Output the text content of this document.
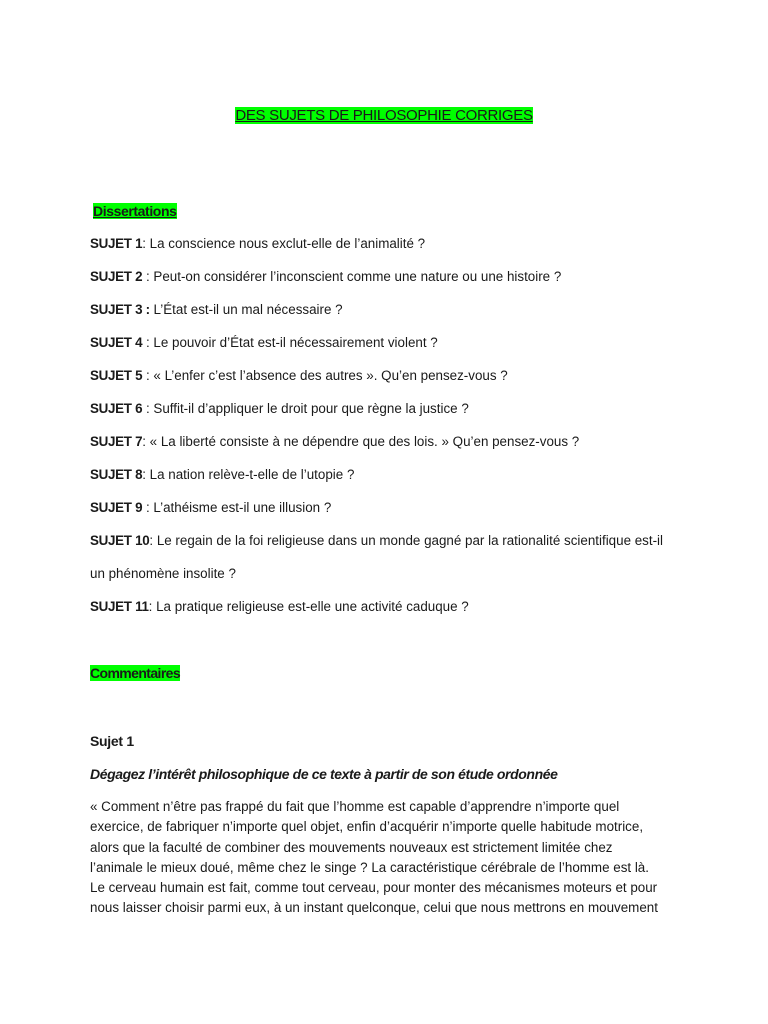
DES SUJETS DE PHILOSOPHIE CORRIGES
Dissertations
SUJET 1: La conscience nous exclut-elle de l’animalité ?
SUJET 2 : Peut-on considérer l’inconscient comme une nature ou une histoire ?
SUJET 3 : L’État est-il un mal nécessaire ?
SUJET 4 : Le pouvoir d’État est-il nécessairement violent ?
SUJET 5 : « L’enfer c’est l’absence des autres ». Qu’en pensez-vous ?
SUJET 6 : Suffit-il d’appliquer le droit pour que règne la justice ?
SUJET 7: « La liberté consiste à ne dépendre que des lois. » Qu’en pensez-vous ?
SUJET 8: La nation relève-t-elle de l’utopie ?
SUJET 9 : L’athéisme est-il une illusion ?
SUJET 10: Le regain de la foi religieuse dans un monde gagné par la rationalité scientifique est-il
un phénomène insolite ?
SUJET 11: La pratique religieuse est-elle une activité caduque ?
Commentaires
Sujet 1
Dégagez l’intérêt philosophique de ce texte à partir de son étude ordonnée
« Comment n’être pas frappé du fait que l’homme est capable d’apprendre n’importe quel
exercice, de fabriquer n’importe quel objet, enfin d’acquérir n’importe quelle habitude motrice,
alors que la faculté de combiner des mouvements nouveaux est strictement limitée chez
l’animale le mieux doué, même chez le singe ? La caractéristique cérébrale de l’homme est là.
Le cerveau humain est fait, comme tout cerveau, pour monter des mécanismes moteurs et pour
nous laisser choisir parmi eux, à un instant quelconque, celui que nous mettrons en mouvement
